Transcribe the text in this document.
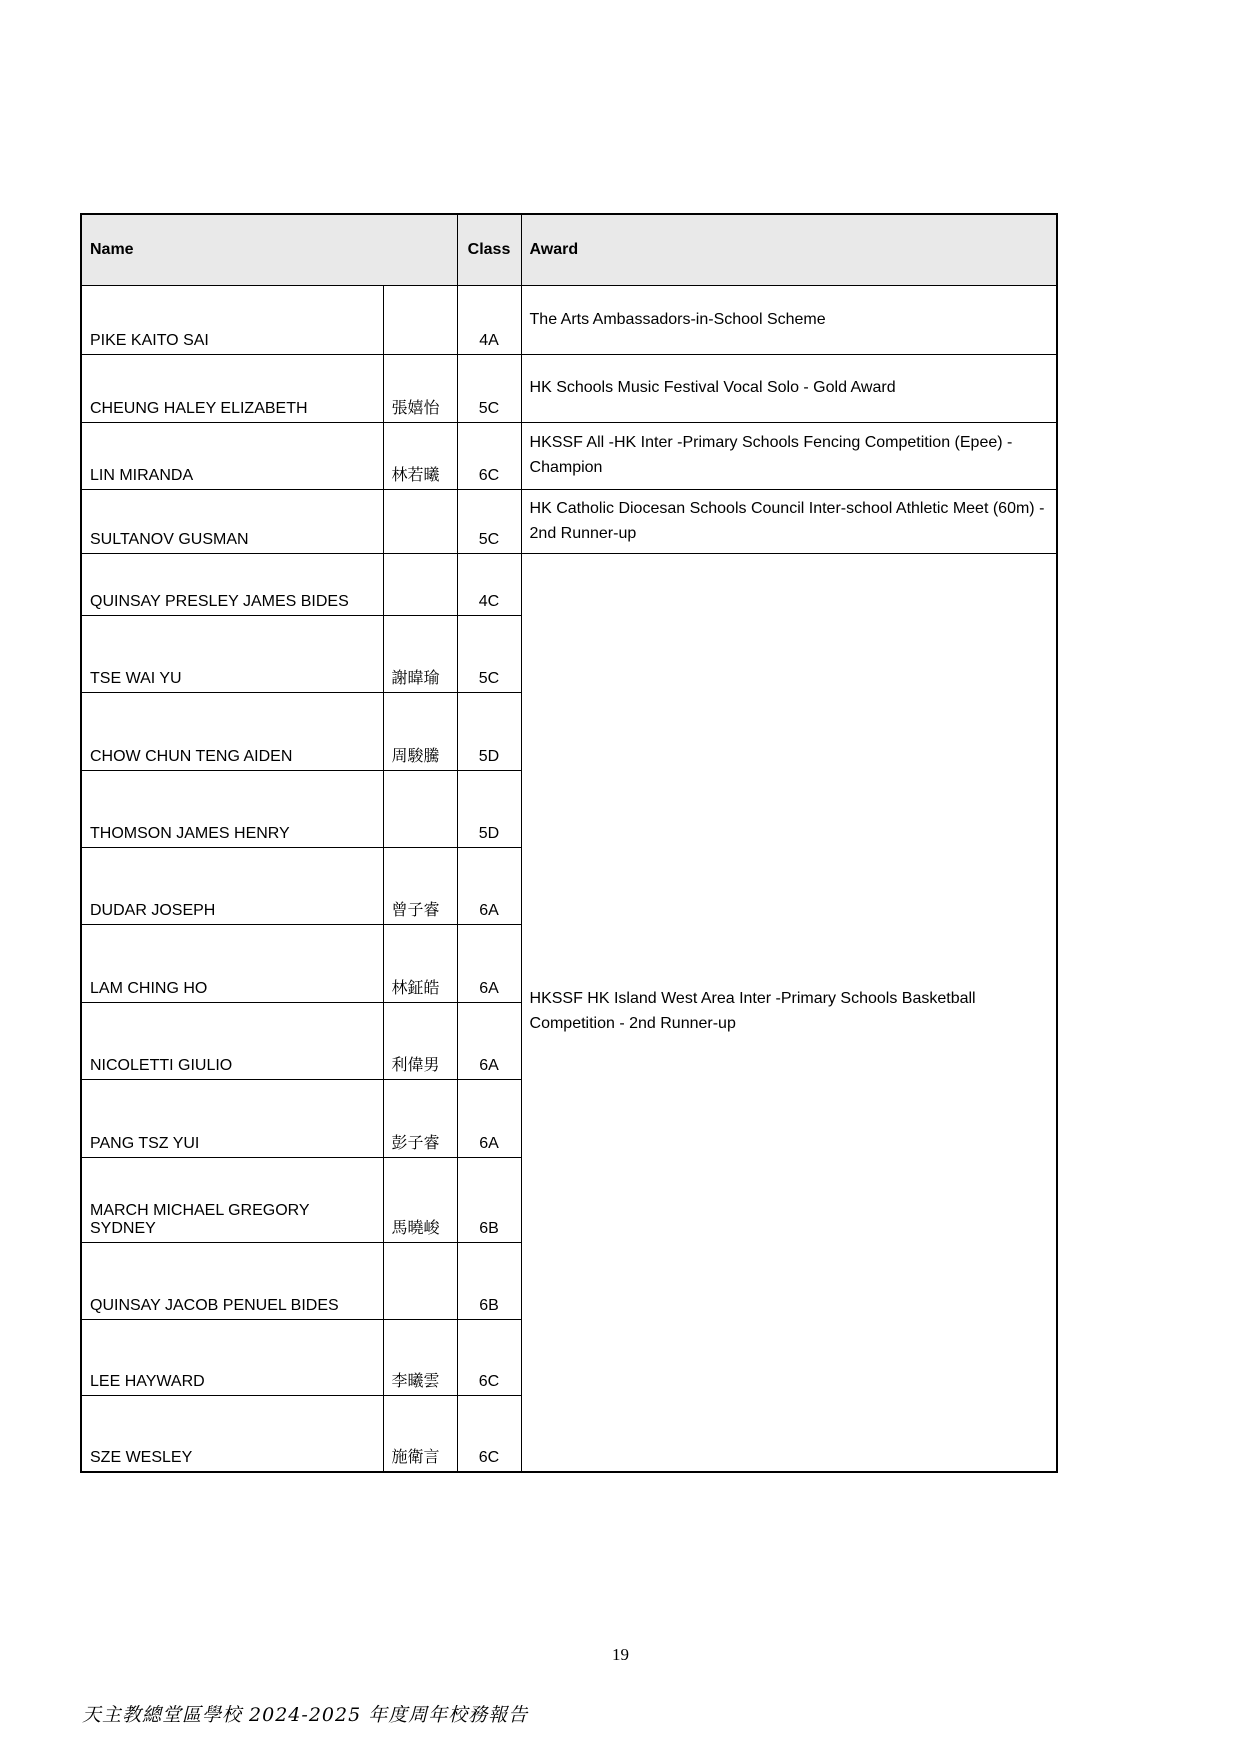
Name		Class	Award
PIKE KAITO SAI		4A	The Arts Ambassadors-in-School Scheme
CHEUNG HALEY ELIZABETH	張嬉怡	5C	HK Schools Music Festival Vocal Solo - Gold Award
LIN MIRANDA	林若曦	6C	HKSSF All -HK Inter -Primary Schools Fencing Competition (Epee) - Champion
SULTANOV GUSMAN		5C	HK Catholic Diocesan Schools Council Inter-school Athletic Meet (60m) - 2nd Runner-up
QUINSAY PRESLEY JAMES BIDES		4C	HKSSF HK Island West Area Inter -Primary Schools Basketball Competition - 2nd Runner-up
TSE WAI YU	謝暐瑜	5C	
CHOW CHUN TENG AIDEN	周駿騰	5D	
THOMSON JAMES HENRY		5D	
DUDAR JOSEPH	曾子睿	6A	
LAM CHING HO	林鉦皓	6A	
NICOLETTI GIULIO	利偉男	6A	
PANG TSZ YUI	彭子睿	6A	
MARCH MICHAEL GREGORY SYDNEY	馬曉峻	6B	
QUINSAY JACOB PENUEL BIDES		6B	
LEE HAYWARD	李曦雲	6C	
SZE WESLEY	施衛言	6C	
19
天主教總堂區學校 2024-2025 年度周年校務報告
